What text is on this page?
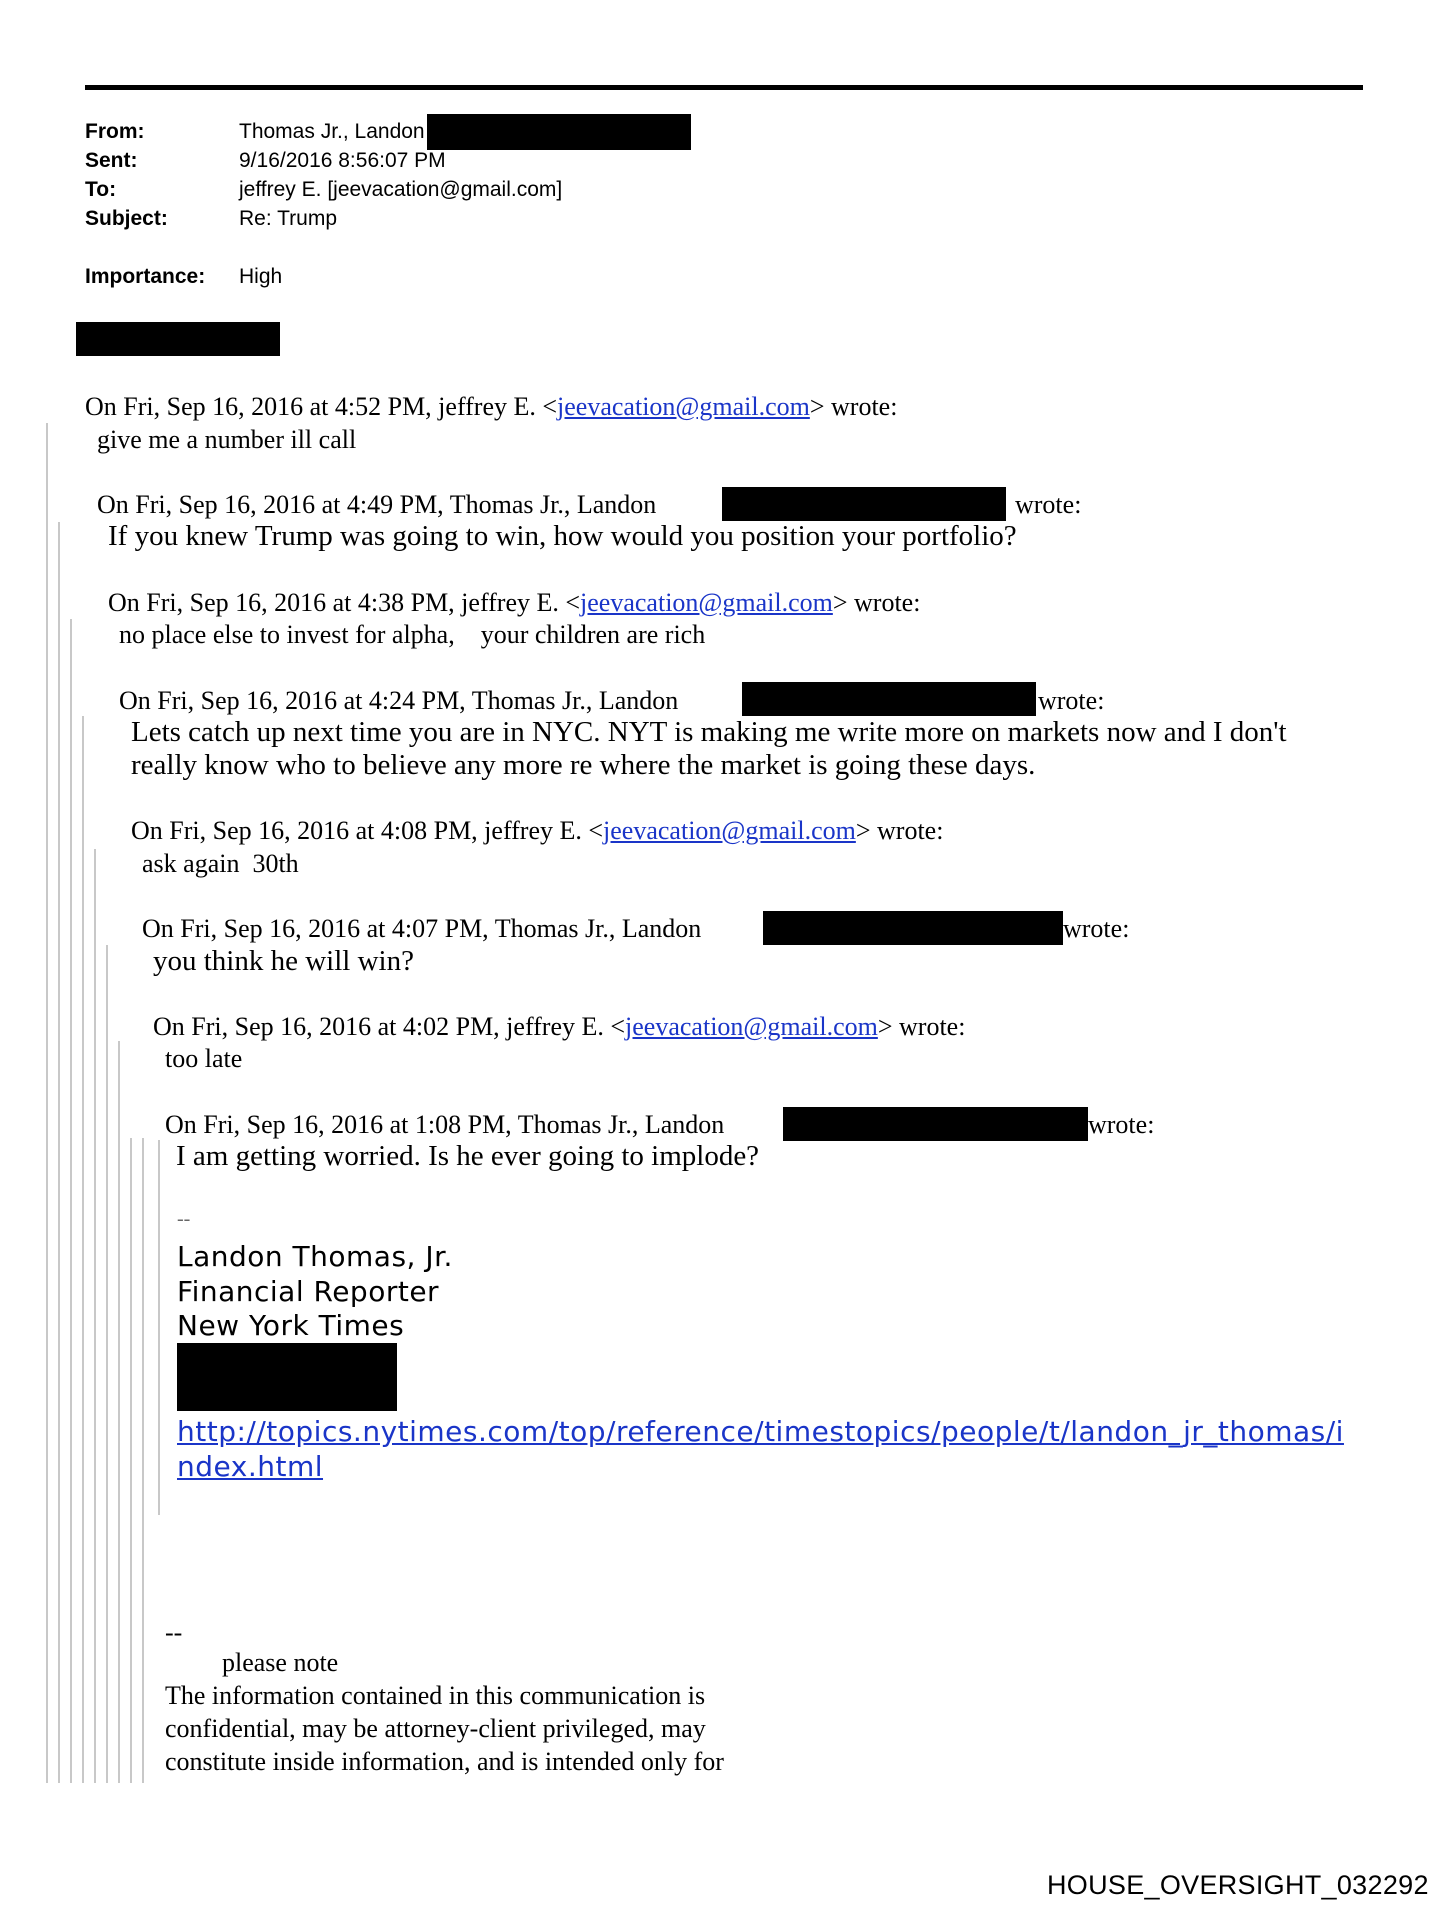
From:	Thomas Jr., Landon
Sent:	9/16/2016 8:56:07 PM
To:	jeffrey E. [jeevacation@gmail.com]
Subject:	Re: Trump
Importance: High
On Fri, Sep 16, 2016 at 4:52 PM, jeffrey E. <jeevacation@gmail.com> wrote:
give me a number ill call
On Fri, Sep 16, 2016 at 4:49 PM, Thomas Jr., Landon	wrote:
If you knew Trump was going to win, how would you position your portfolio?
On Fri, Sep 16, 2016 at 4:38 PM, jeffrey E. <jeevacation@gmail.com> wrote:
no place else to invest for alpha,    your children are rich
On Fri, Sep 16, 2016 at 4:24 PM, Thomas Jr., Landon	wrote:
Lets catch up next time you are in NYC. NYT is making me write more on markets now and I don't
really know who to believe any more re where the market is going these days.
On Fri, Sep 16, 2016 at 4:08 PM, jeffrey E. <jeevacation@gmail.com> wrote:
ask again  30th
On Fri, Sep 16, 2016 at 4:07 PM, Thomas Jr., Landon	wrote:
you think he will win?
On Fri, Sep 16, 2016 at 4:02 PM, jeffrey E. <jeevacation@gmail.com> wrote:
too late
On Fri, Sep 16, 2016 at 1:08 PM, Thomas Jr., Landon	wrote:
I am getting worried. Is he ever going to implode?
--
Landon Thomas, Jr.
Financial Reporter
New York Times
http://topics.nytimes.com/top/reference/timestopics/people/t/landon_jr_thomas/i
ndex.html
--
please note
The information contained in this communication is
confidential, may be attorney-client privileged, may
constitute inside information, and is intended only for
HOUSE_OVERSIGHT_032292
